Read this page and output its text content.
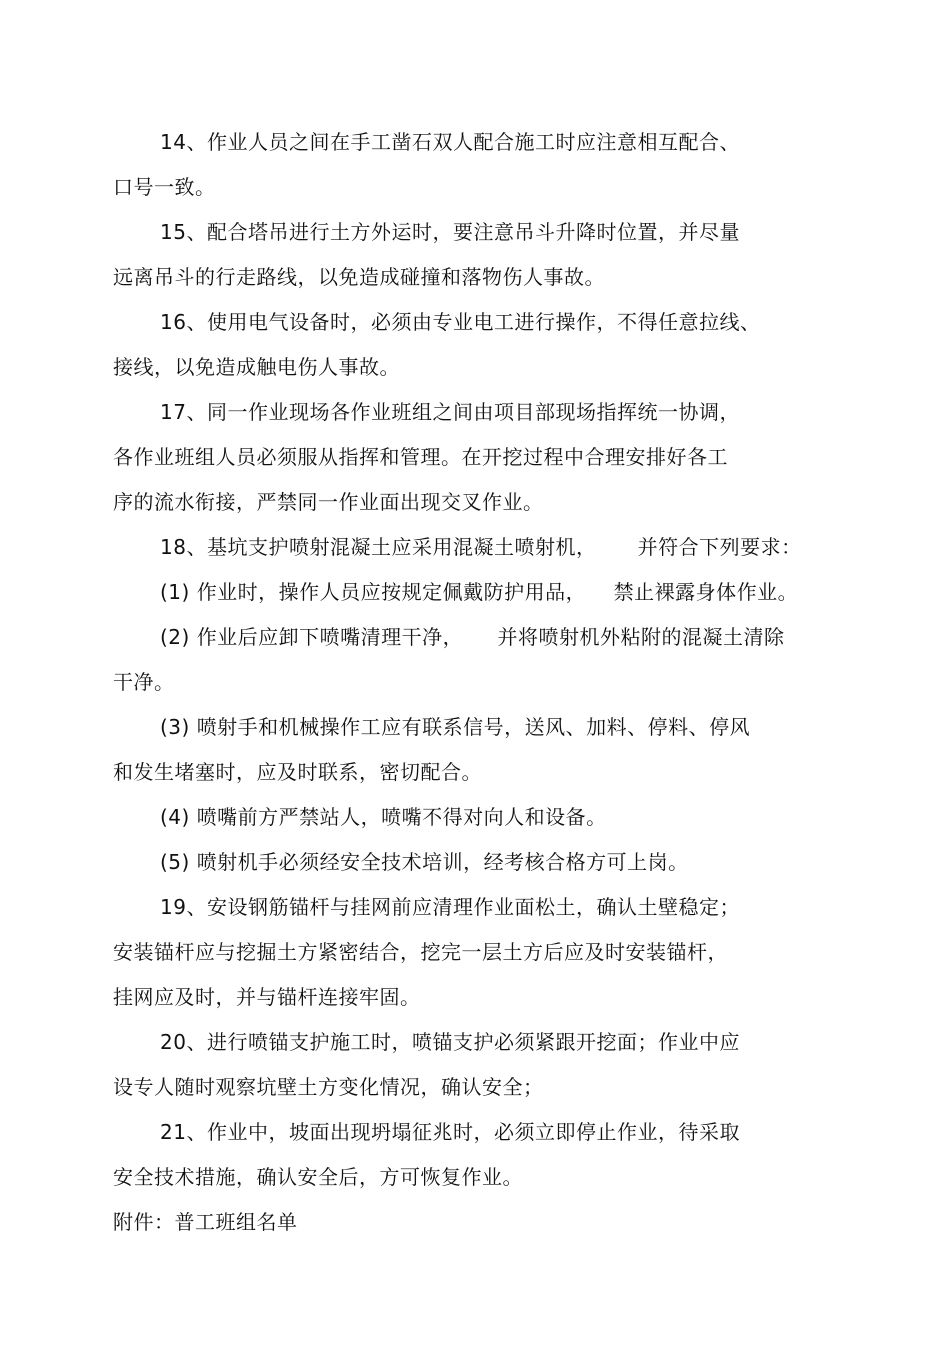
14、作业人员之间在手工凿石双人配合施工时应注意相互配合、
口号一致。
15、配合塔吊进行土方外运时，要注意吊斗升降时位置，并尽量
远离吊斗的行走路线，以免造成碰撞和落物伤人事故。
16、使用电气设备时，必须由专业电工进行操作，不得任意拉线、
接线，以免造成触电伤人事故。
17、同一作业现场各作业班组之间由项目部现场指挥统一协调，
各作业班组人员必须服从指挥和管理。在开挖过程中合理安排好各工
序的流水衔接，严禁同一作业面出现交叉作业。
18、基坑支护喷射混凝土应采用混凝土喷射机，      并符合下列要求：
(1) 作业时，操作人员应按规定佩戴防护用品，    禁止裸露身体作业。
(2) 作业后应卸下喷嘴清理干净，     并将喷射机外粘附的混凝土清除
干净。
(3) 喷射手和机械操作工应有联系信号，送风、加料、停料、停风
和发生堵塞时，应及时联系，密切配合。
(4) 喷嘴前方严禁站人，喷嘴不得对向人和设备。
(5) 喷射机手必须经安全技术培训，经考核合格方可上岗。
19、安设钢筋锚杆与挂网前应清理作业面松土，确认土壁稳定；
安装锚杆应与挖掘土方紧密结合，挖完一层土方后应及时安装锚杆，
挂网应及时，并与锚杆连接牢固。
20、进行喷锚支护施工时，喷锚支护必须紧跟开挖面；作业中应
设专人随时观察坑壁土方变化情况，确认安全；
21、作业中，坡面出现坍塌征兆时，必须立即停止作业，待采取
安全技术措施，确认安全后，方可恢复作业。
附件：普工班组名单
